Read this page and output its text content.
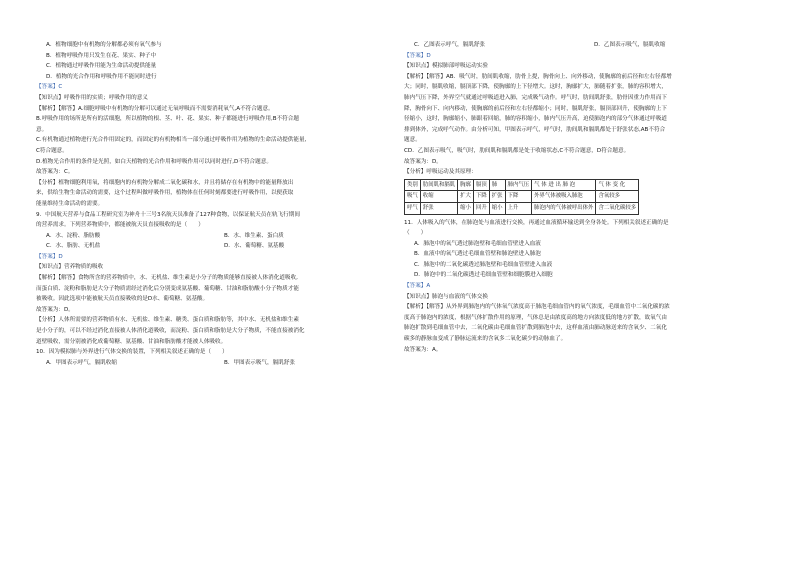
A．植物细胞中有机物的分解都必须有氧气参与
B．植物呼吸作用只发生在花、果实、种子中
C．植物通过呼吸作用能为生命活动提供能量
D．植物的光合作用和呼吸作用不能同时进行
【答案】C
【知识点】呼吸作用的实质；呼吸作用的意义
【解析】【解答】A.细胞呼吸中有机物的分解可以通过无氧呼吸而不需要消耗氧气,A不符合题意。
B.呼吸作用的场所是所有的活细胞，所以植物的根、茎、叶、花、果实、种子都能进行呼吸作用,B不符合题
意。
C.有机物通过植物进行光合作用固定的，而固定的有机物相当一部分通过呼吸作用为植物的生命活动提供能量,
C符合题意。
D.植物光合作用的条件是光照，如白天植物的光合作用和呼吸作用可以同时进行,D不符合题意。
故答案为：C。
【分析】植物细胞利用氧，将细胞内的有机物分解成二氧化碳和水，并且将储存在有机物中的能量释放出
来，供给生物生命活动的需要，这个过程叫做呼吸作用，植物体在任何时刻都要进行呼吸作用，以便获取
能量维持生命活动的需要。
9．中国航天营养与食品工程研究室为神舟十三号3名航天员准备了127种食物，以保证航天员在轨飞行期间
的营养需求。下列营养物质中，都能被航天员直接吸收的是（　　）
A．水、淀粉、脂肪酸	B．水、维生素、蛋白质
C．水、脂肪、无机盐	D．水、葡萄糖、氨基酸
【答案】D
【知识点】营养物质的吸收
【解析】【解答】食物所含的营养物质中，水、无机盐、维生素是小分子的物质能够直接被人体消化道吸收,
而蛋白质、淀粉和脂肪是大分子物质需经过消化后分别变成氨基酸、葡萄糖、甘油和脂肪酸小分子物质才能
被吸收。因此选项中能被航天员直接吸收的是D水、葡萄糖、氨基酸。
故答案为：D。
【分析】人体所需要的营养物质有水、无机盐、维生素、糖类、蛋白质和脂肪等，其中水、无机盐和维生素
是小分子的，可以不经过消化直接被人体消化道吸收，而淀粉、蛋白质和脂肪是大分子物质，不能直接被消化
道壁吸收，需分别被消化成葡萄糖、氨基酸、甘油和脂肪酸才能被人体吸收。
10．因为模拟肺与外界进行气体交换的装置，下列相关叙述正确的是（　　）
A．甲图表示呼气，膈肌收缩	B．甲图表示吸气，膈肌舒张
C．乙图表示呼气，膈肌舒张	D．乙图表示吸气，膈肌收缩
【答案】D
【知识点】模拟肺部呼吸运动实验
【解析】【解答】AB．吸气时，肋间肌收缩，肋骨上提，胸骨向上、向外移动，使胸廓的前后径和左右径都增
大；同时，膈肌收缩，膈顶部下降，使胸廓的上下径增大。这时，胸廓扩大，肺随着扩张，肺的容积增大，
肺内气压下降，外界空气就通过呼吸道进入肺，完成吸气动作。呼气时，肋间肌舒张，肋骨因重力作用而下
降，胸骨向下、向内移动，使胸廓的前后径和左右径都缩小；同时，膈肌舒张，膈顶部回升，使胸廓的上下
径缩小，这时，胸廓缩小，肺跟着回缩，肺的容积缩小，肺内气压升高，迫使肺泡内的部分气体通过呼吸道
排到体外，完成呼气动作。由分析可知，甲图表示呼气，呼气时，肋间肌和膈肌都处于舒张状态,AB不符合
题意。
CD．乙图表示吸气，吸气时，肋间肌和膈肌都是处于收缩状态,C不符合题意，D符合题意。
故答案为：D。
【分析】呼吸运动及其原理：
类别	肋间肌和膈肌	胸廓	膈顶	肺	肺内气压	气 体 进 出 肺 泡	气 体 变 化
吸气	收缩	扩大	下降	扩张	下降	外界气体被吸入肺泡	含氧较多
呼气	舒张	缩小	回升	缩小	上升	肺泡内的气体被呼出体外	含二氧化碳较多
11．人体吸入的气体，在肺泡处与血液进行交换，再通过血液循环输送到全身各处。下列相关叙述正确的是
（　　）
A．肺泡中的氧气透过肺泡壁和毛细血管壁进入血液
B．血液中的氧气透过毛细血管壁和肺泡壁进入肺泡
C．肺泡中的二氧化碳透过肺泡壁和毛细血管壁进入血液
D．肺泡中的二氧化碳透过毛细血管壁和细胞膜进入细胞
【答案】A
【知识点】肺泡与血液的气体交换
【解析】【解答】从外界到肺泡内的气体氧气浓度高于肺泡毛细血管内的氧气浓度，毛细血管中二氧化碳的浓
度高于肺泡内的浓度，根据气体扩散作用的原理，气体总是由浓度高的地方向浓度低的地方扩散，故氧气由
肺泡扩散到毛细血管中去，二氧化碳由毛细血管扩散到肺泡中去，这样血液由肺动脉送来的含氧少、二氧化
碳多的静脉血变成了静脉运流来的含氧多二氧化碳少的动脉血了。
故答案为：A。
